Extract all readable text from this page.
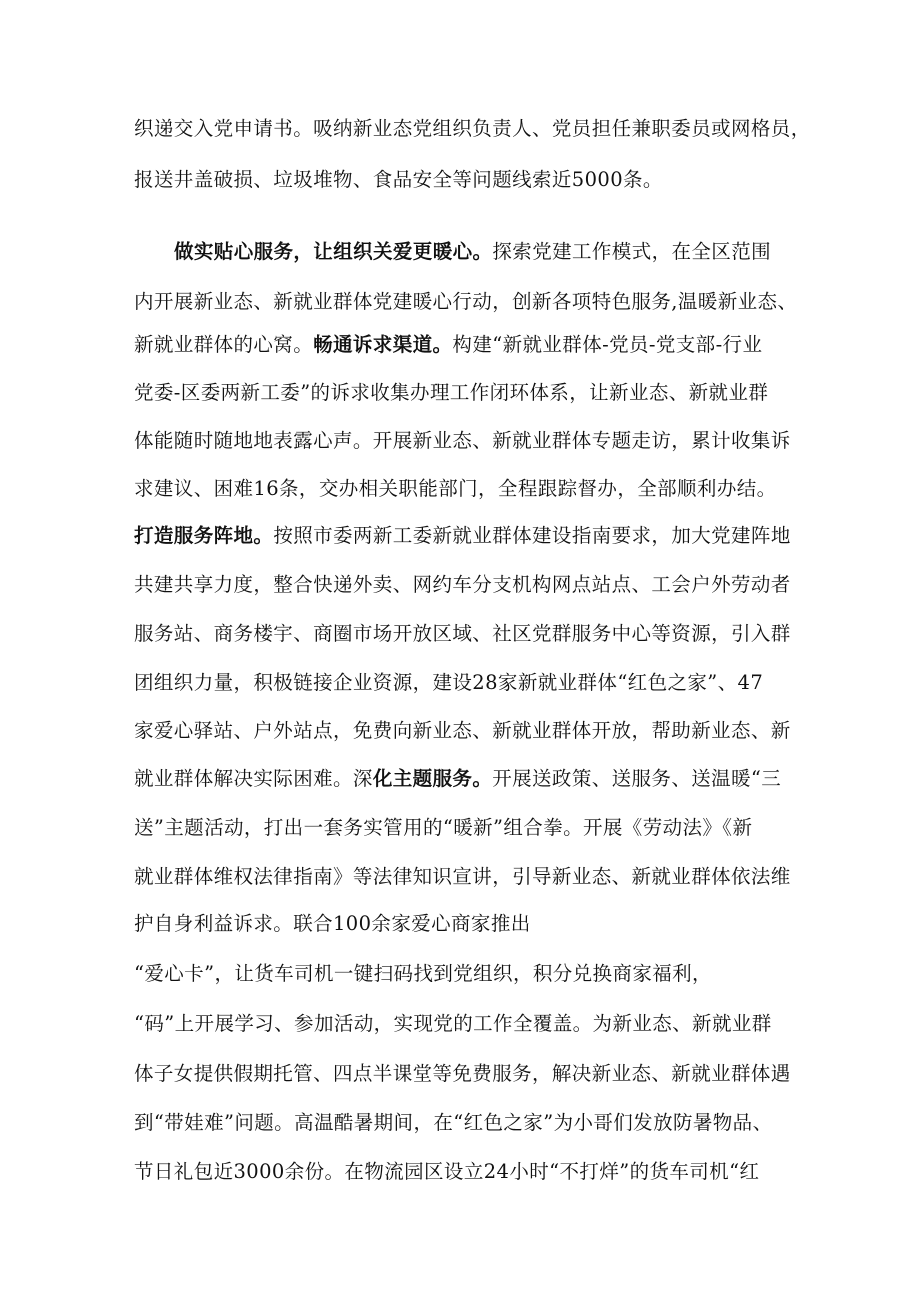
织递交入党申请书。吸纳新业态党组织负责人、党员担任兼职委员或网格员，
报送井盖破损、垃圾堆物、食品安全等问题线索近5000条。
做实贴心服务，让组织关爱更暖心。探索党建工作模式，在全区范围
内开展新业态、新就业群体党建暖心行动，创新各项特色服务,温暖新业态、
新就业群体的心窝。畅通诉求渠道。构建“新就业群体-党员-党支部-行业
党委-区委两新工委”的诉求收集办理工作闭环体系，让新业态、新就业群
体能随时随地地表露心声。开展新业态、新就业群体专题走访，累计收集诉
求建议、困难16条，交办相关职能部门，全程跟踪督办，全部顺利办结。
打造服务阵地。按照市委两新工委新就业群体建设指南要求，加大党建阵地
共建共享力度，整合快递外卖、网约车分支机构网点站点、工会户外劳动者
服务站、商务楼宇、商圈市场开放区域、社区党群服务中心等资源，引入群
团组织力量，积极链接企业资源，建设28家新就业群体“红色之家”、47
家爱心驿站、户外站点，免费向新业态、新就业群体开放，帮助新业态、新
就业群体解决实际困难。深化主题服务。开展送政策、送服务、送温暖“三
送”主题活动，打出一套务实管用的“暖新”组合拳。开展《劳动法》《新
就业群体维权法律指南》等法律知识宣讲，引导新业态、新就业群体依法维
护自身利益诉求。联合100余家爱心商家推出
“爱心卡”，让货车司机一键扫码找到党组织，积分兑换商家福利，
“码”上开展学习、参加活动，实现党的工作全覆盖。为新业态、新就业群
体子女提供假期托管、四点半课堂等免费服务，解决新业态、新就业群体遇
到“带娃难”问题。高温酷暑期间，在“红色之家”为小哥们发放防暑物品、
节日礼包近3000余份。在物流园区设立24小时“不打烊”的货车司机“红
